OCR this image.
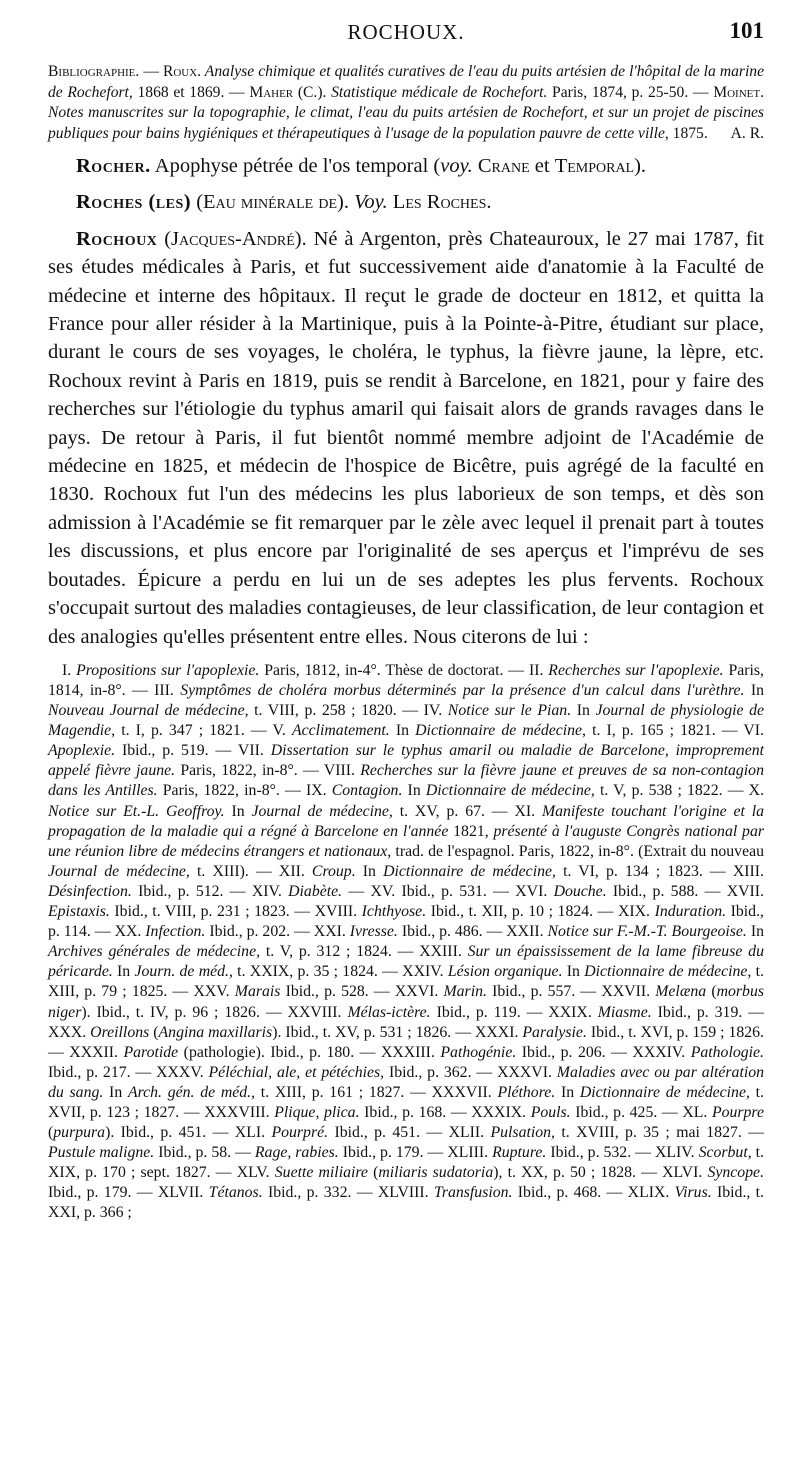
ROCHOUX.	101

Bibliographie. — Roux. Analyse chimique et qualités curatives de l'eau du puits artésien de l'hôpital de la marine de Rochefort, 1868 et 1869. — Maher (C.). Statistique médicale de Rochefort. Paris, 1874, p. 25-50. — Moinet. Notes manuscrites sur la topographie, le climat, l'eau du puits artésien de Rochefort, et sur un projet de piscines publiques pour bains hygiéniques et thérapeutiques à l'usage de la population pauvre de cette ville, 1875. A. R.

Rocher. Apophyse pétrée de l'os temporal (voy. Crane et Temporal).

Roches (les) (Eau minérale de). Voy. Les Roches.

Rochoux (Jacques-André). Né à Argenton, près Chateauroux, le 27 mai 1787, fit ses études médicales à Paris, et fut successivement aide d'anatomie à la Faculté de médecine et interne des hôpitaux. Il reçut le grade de docteur en 1812, et quitta la France pour aller résider à la Martinique, puis à la Pointe-à-Pitre, étudiant sur place, durant le cours de ses voyages, le choléra, le typhus, la fièvre jaune, la lèpre, etc. Rochoux revint à Paris en 1819, puis se rendit à Barcelone, en 1821, pour y faire des recherches sur l'étiologie du typhus amaril qui faisait alors de grands ravages dans le pays. De retour à Paris, il fut bientôt nommé membre adjoint de l'Académie de médecine en 1825, et médecin de l'hospice de Bicêtre, puis agrégé de la faculté en 1830. Rochoux fut l'un des médecins les plus laborieux de son temps, et dès son admission à l'Académie se fit remarquer par le zèle avec lequel il prenait part à toutes les discussions, et plus encore par l'originalité de ses aperçus et l'imprévu de ses boutades. Épicure a perdu en lui un de ses adeptes les plus fervents. Rochoux s'occupait surtout des maladies contagieuses, de leur classification, de leur contagion et des analogies qu'elles présentent entre elles. Nous citerons de lui :

I. Propositions sur l'apoplexie. Paris, 1812, in-4°. Thèse de doctorat. — II. Recherches sur l'apoplexie. Paris, 1814, in-8°. — III. Symptômes de choléra morbus déterminés par la présence d'un calcul dans l'urèthre. In Nouveau Journal de médecine, t. VIII, p. 258 ; 1820. — IV. Notice sur le Pian. In Journal de physiologie de Magendie, t. I, p. 347 ; 1821. — V. Acclimatement. In Dictionnaire de médecine, t. I, p. 165 ; 1821. — VI. Apoplexie. Ibid., p. 519. — VII. Dissertation sur le typhus amaril ou maladie de Barcelone, improprement appelé fièvre jaune. Paris, 1822, in-8°. — VIII. Recherches sur la fièvre jaune et preuves de sa non-contagion dans les Antilles. Paris, 1822, in-8°. — IX. Contagion. In Dictionnaire de médecine, t. V, p. 538 ; 1822. — X. Notice sur Et.-L. Geoffroy. In Journal de médecine, t. XV, p. 67. — XI. Manifeste touchant l'origine et la propagation de la maladie qui a régné à Barcelone en l'année 1821, présenté à l'auguste Congrès national par une réunion libre de médecins étrangers et nationaux, trad. de l'espagnol. Paris, 1822, in-8°. (Extrait du nouveau Journal de médecine, t. XIII). — XII. Croup. In Dictionnaire de médecine, t. VI, p. 134 ; 1823. — XIII. Désinfection. Ibid., p. 512. — XIV. Diabète. — XV. Ibid., p. 531. — XVI. Douche. Ibid., p. 588. — XVII. Epistaxis. Ibid., t. VIII, p. 231 ; 1823. — XVIII. Ichthyose. Ibid., t. XII, p. 10 ; 1824. — XIX. Induration. Ibid., p. 114. — XX. Infection. Ibid., p. 202. — XXI. Ivresse. Ibid., p. 486. — XXII. Notice sur F.-M.-T. Bourgeoise. In Archives générales de médecine, t. V, p. 312 ; 1824. — XXIII. Sur un épaississement de la lame fibreuse du péricarde. In Journ. de méd., t. XXIX, p. 35 ; 1824. — XXIV. Lésion organique. In Dictionnaire de médecine, t. XIII, p. 79 ; 1825. — XXV. Marais Ibid., p. 528. — XXVI. Marin. Ibid., p. 557. — XXVII. Melæna (morbus niger). Ibid., t. IV, p. 96 ; 1826. — XXVIII. Mélas-ictère. Ibid., p. 119. — XXIX. Miasme. Ibid., p. 319. — XXX. Oreillons (Angina maxillaris). Ibid., t. XV, p. 531 ; 1826. — XXXI. Paralysie. Ibid., t. XVI, p. 159 ; 1826. — XXXII. Parotide (pathologie). Ibid., p. 180. — XXXIII. Pathogénie. Ibid., p. 206. — XXXIV. Pathologie. Ibid., p. 217. — XXXV. Péléchial, ale, et pétéchies, Ibid., p. 362. — XXXVI. Maladies avec ou par altération du sang. In Arch. gén. de méd., t. XIII, p. 161 ; 1827. — XXXVII. Pléthore. In Dictionnaire de médecine, t. XVII, p. 123 ; 1827. — XXXVIII. Plique, plica. Ibid., p. 168. — XXXIX. Pouls. Ibid., p. 425. — XL. Pourpre (purpura). Ibid., p. 451. — XLI. Pourpré. Ibid., p. 451. — XLII. Pulsation, t. XVIII, p. 35 ; mai 1827. — Pustule maligne. Ibid., p. 58. — Rage, rabies. Ibid., p. 179. — XLIII. Rupture. Ibid., p. 532. — XLIV. Scorbut, t. XIX, p. 170 ; sept. 1827. — XLV. Suette miliaire (miliaris sudatoria), t. XX, p. 50 ; 1828. — XLVI. Syncope. Ibid., p. 179. — XLVII. Tétanos. Ibid., p. 332. — XLVIII. Transfusion. Ibid., p. 468. — XLIX. Virus. Ibid., t. XXI, p. 366 ;
